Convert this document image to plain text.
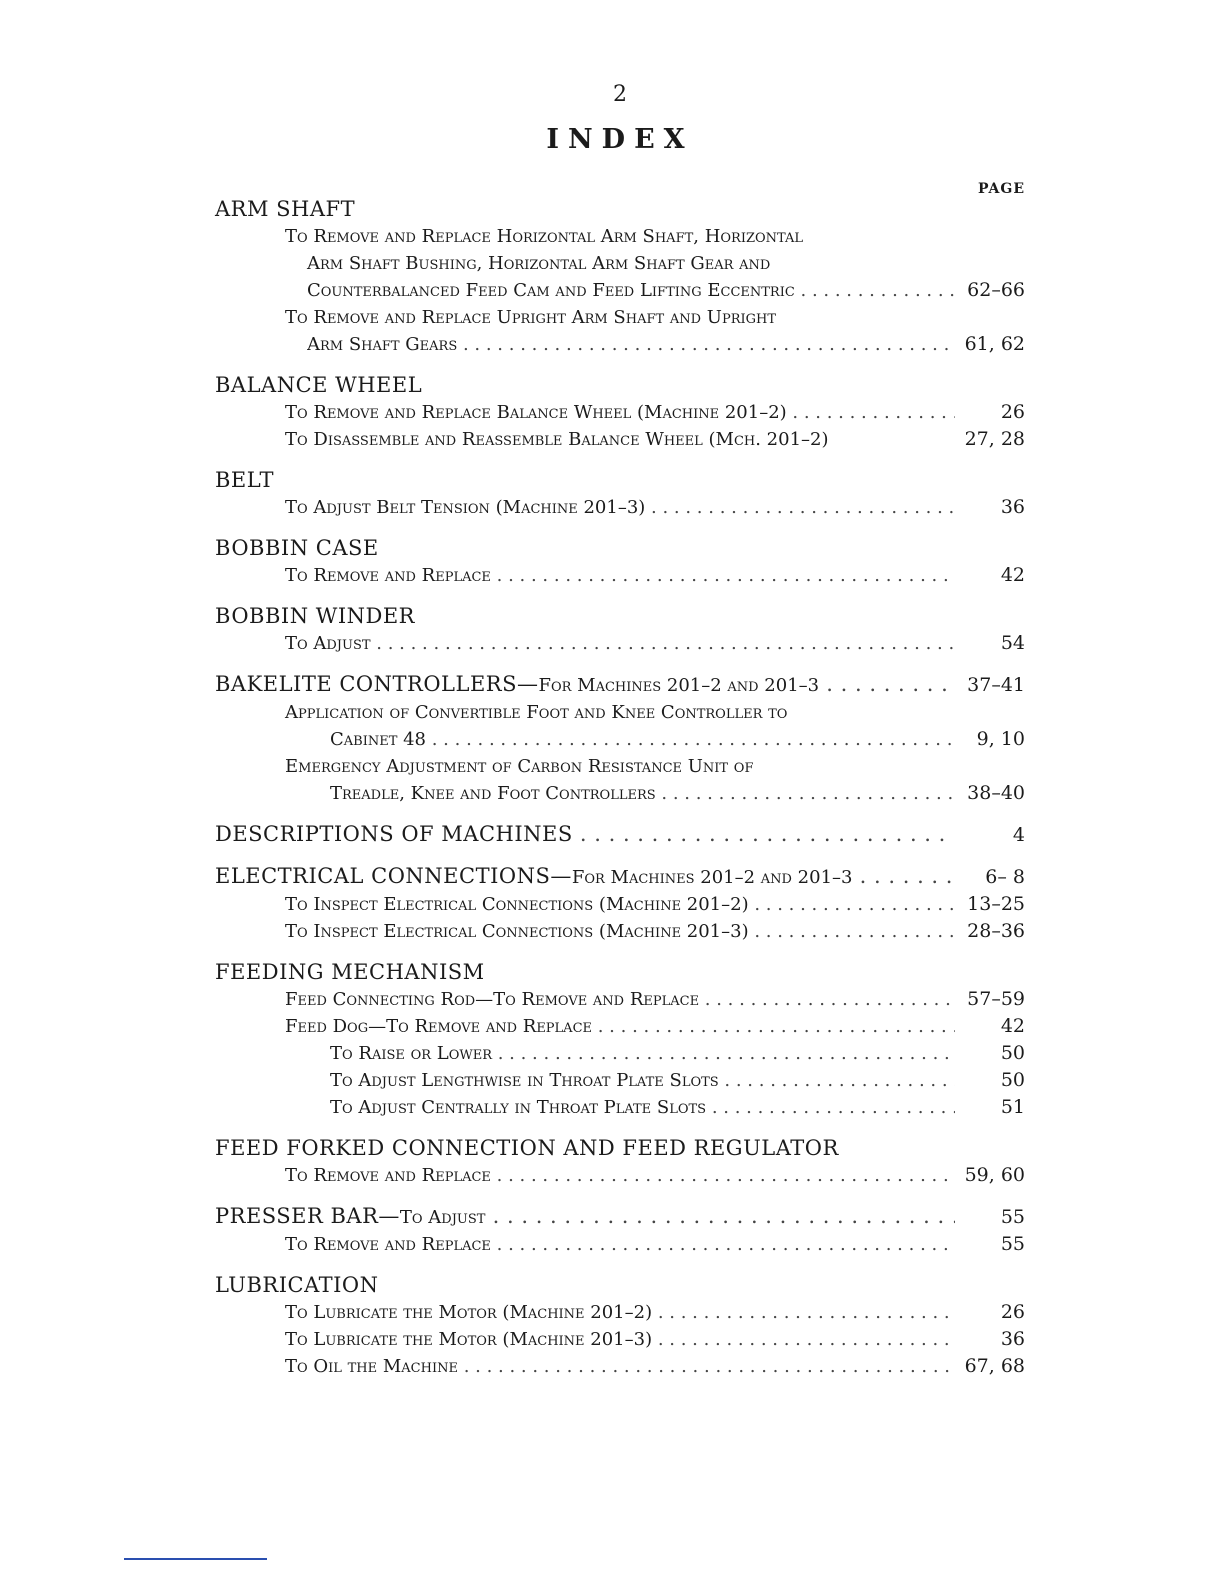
2
INDEX
PAGE
ARM SHAFT
To Remove and Replace Horizontal Arm Shaft, Horizontal
Arm Shaft Bushing, Horizontal Arm Shaft Gear and
Counterbalanced Feed Cam and Feed Lifting Eccentric . . .	62–66
To Remove and Replace Upright Arm Shaft and Upright
Arm Shaft Gears . . .	61, 62
BALANCE WHEEL
To Remove and Replace Balance Wheel (Machine 201–2) . . .	26
To Disassemble and Reassemble Balance Wheel (Mch. 201–2)	27, 28
BELT
To Adjust Belt Tension (Machine 201–3) . . .	36
BOBBIN CASE
To Remove and Replace . . .	42
BOBBIN WINDER
To Adjust . . .	54
BAKELITE CONTROLLERS—For Machines 201–2 and 201–3 . . .	37–41
Application of Convertible Foot and Knee Controller to
Cabinet 48 . . .	9, 10
Emergency Adjustment of Carbon Resistance Unit of
Treadle, Knee and Foot Controllers . . .	38–40
DESCRIPTIONS OF MACHINES . . .	4
ELECTRICAL CONNECTIONS—For Machines 201–2 and 201–3 . . .	6– 8
To Inspect Electrical Connections (Machine 201–2) . . .	13–25
To Inspect Electrical Connections (Machine 201–3) . . .	28–36
FEEDING MECHANISM
Feed Connecting Rod—To Remove and Replace . . .	57–59
Feed Dog—To Remove and Replace . . .	42
To Raise or Lower . . .	50
To Adjust Lengthwise in Throat Plate Slots . . .	50
To Adjust Centrally in Throat Plate Slots . . .	51
FEED FORKED CONNECTION AND FEED REGULATOR
To Remove and Replace . . .	59, 60
PRESSER BAR—To Adjust . . .	55
To Remove and Replace . . .	55
LUBRICATION
To Lubricate the Motor (Machine 201–2) . . .	26
To Lubricate the Motor (Machine 201–3) . . .	36
To Oil the Machine . . .	67, 68
